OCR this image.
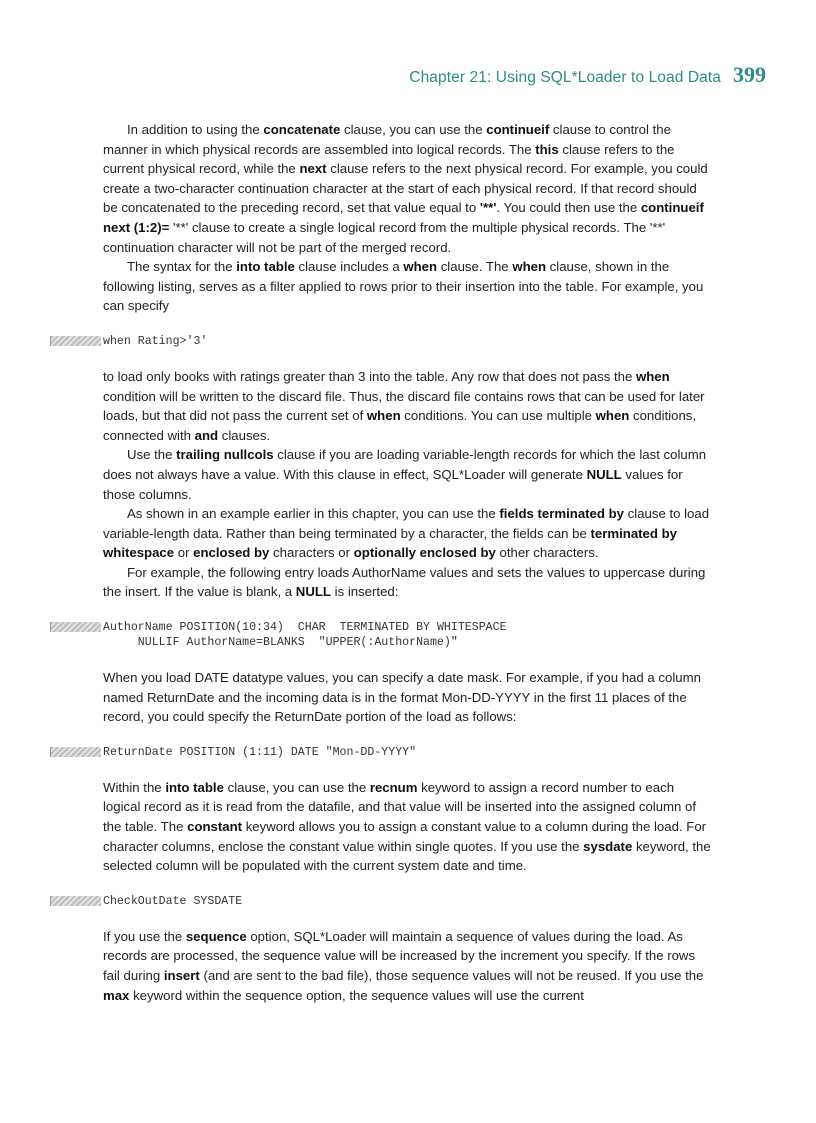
Chapter 21: Using SQL*Loader to Load Data 399

In addition to using the concatenate clause, you can use the continueif clause to control the manner in which physical records are assembled into logical records. The this clause refers to the current physical record, while the next clause refers to the next physical record. For example, you could create a two-character continuation character at the start of each physical record. If that record should be concatenated to the preceding record, set that value equal to '**'. You could then use the continueif next (1:2)= '**' clause to create a single logical record from the multiple physical records. The '**' continuation character will not be part of the merged record.

The syntax for the into table clause includes a when clause. The when clause, shown in the following listing, serves as a filter applied to rows prior to their insertion into the table. For example, you can specify

when Rating>'3'

to load only books with ratings greater than 3 into the table. Any row that does not pass the when condition will be written to the discard file. Thus, the discard file contains rows that can be used for later loads, but that did not pass the current set of when conditions. You can use multiple when conditions, connected with and clauses.

Use the trailing nullcols clause if you are loading variable-length records for which the last column does not always have a value. With this clause in effect, SQL*Loader will generate NULL values for those columns.

As shown in an example earlier in this chapter, you can use the fields terminated by clause to load variable-length data. Rather than being terminated by a character, the fields can be terminated by whitespace or enclosed by characters or optionally enclosed by other characters.

For example, the following entry loads AuthorName values and sets the values to uppercase during the insert. If the value is blank, a NULL is inserted:

AuthorName POSITION(10:34)  CHAR  TERMINATED BY WHITESPACE
NULLIF AuthorName=BLANKS  "UPPER(:AuthorName)"

When you load DATE datatype values, you can specify a date mask. For example, if you had a column named ReturnDate and the incoming data is in the format Mon-DD-YYYY in the first 11 places of the record, you could specify the ReturnDate portion of the load as follows:

ReturnDate POSITION (1:11) DATE "Mon-DD-YYYY"

Within the into table clause, you can use the recnum keyword to assign a record number to each logical record as it is read from the datafile, and that value will be inserted into the assigned column of the table. The constant keyword allows you to assign a constant value to a column during the load. For character columns, enclose the constant value within single quotes. If you use the sysdate keyword, the selected column will be populated with the current system date and time.

CheckOutDate SYSDATE

If you use the sequence option, SQL*Loader will maintain a sequence of values during the load. As records are processed, the sequence value will be increased by the increment you specify. If the rows fail during insert (and are sent to the bad file), those sequence values will not be reused. If you use the max keyword within the sequence option, the sequence values will use the current
